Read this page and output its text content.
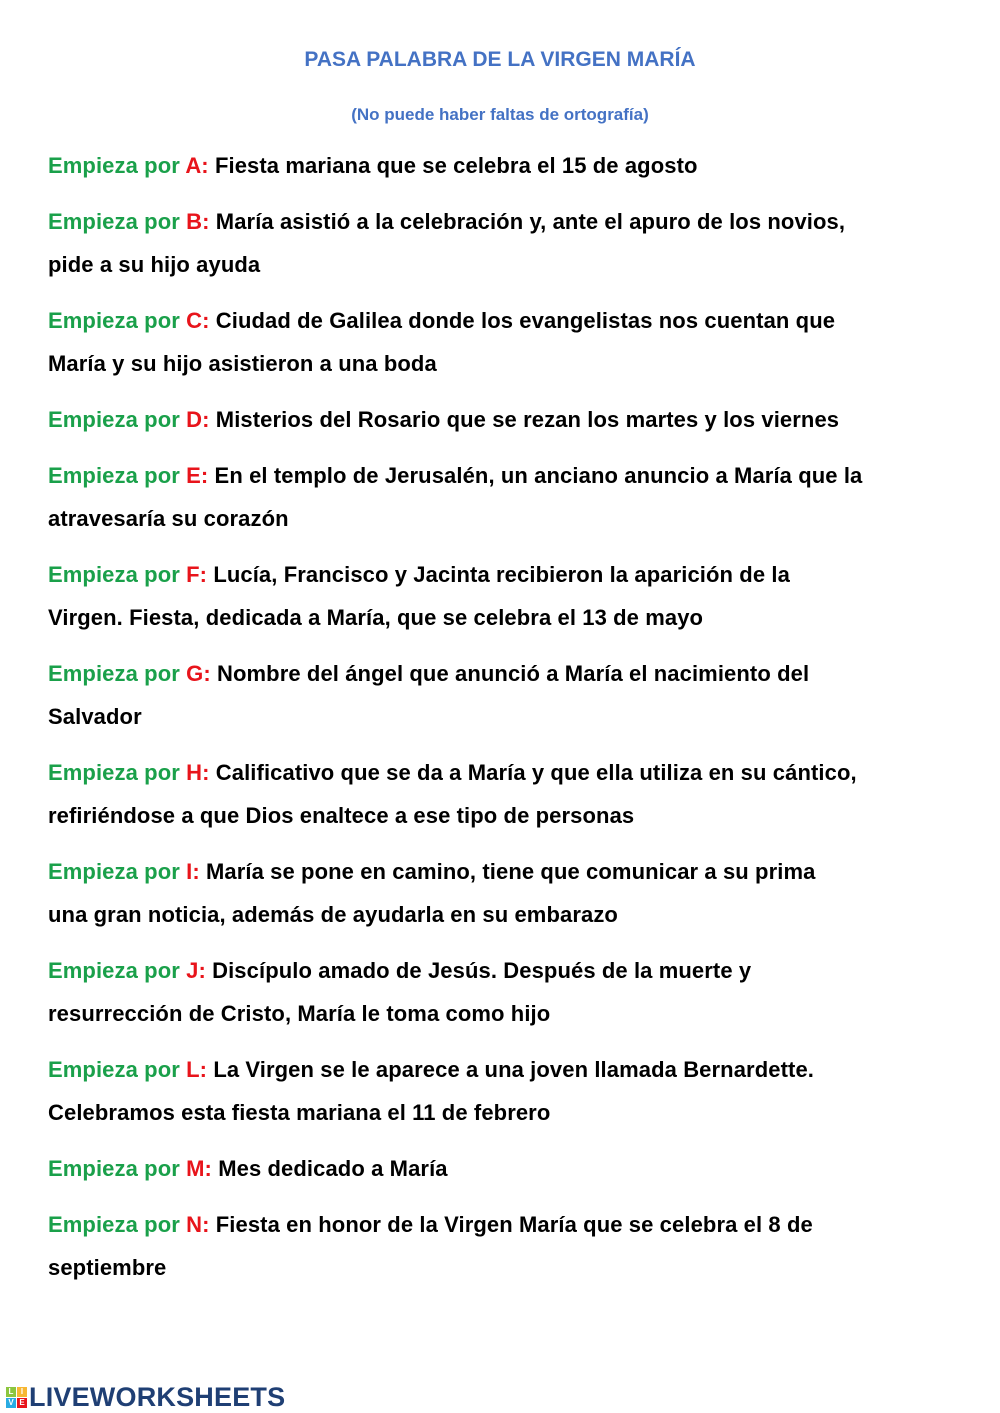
PASA PALABRA DE LA VIRGEN MARÍA
(No puede haber faltas de ortografía)
Empieza por A: Fiesta mariana que se celebra el 15 de agosto
Empieza por B: María asistió a la celebración y, ante el apuro de los novios,
pide a su hijo ayuda
Empieza por C: Ciudad de Galilea donde los evangelistas nos cuentan que
María y su hijo asistieron a una boda
Empieza por D: Misterios del Rosario que se rezan los martes y los viernes
Empieza por E: En el templo de Jerusalén, un anciano anuncio a María que la
atravesaría su corazón
Empieza por F: Lucía, Francisco y Jacinta recibieron la aparición de la
Virgen. Fiesta, dedicada a María, que se celebra el 13 de mayo
Empieza por G: Nombre del ángel que anunció a María el nacimiento del
Salvador
Empieza por H: Calificativo que se da a María y que ella utiliza en su cántico,
refiriéndose a que Dios enaltece a ese tipo de personas
Empieza por I: María se pone en camino, tiene que comunicar a su prima
una gran noticia, además de ayudarla en su embarazo
Empieza por J: Discípulo amado de Jesús. Después de la muerte y
resurrección de Cristo, María le toma como hijo
Empieza por L: La Virgen se le aparece a una joven llamada Bernardette.
Celebramos esta fiesta mariana el 11 de febrero
Empieza por M: Mes dedicado a María
Empieza por N: Fiesta en honor de la Virgen María que se celebra el 8 de
septiembre
L I
V E LIVEWORKSHEETS
